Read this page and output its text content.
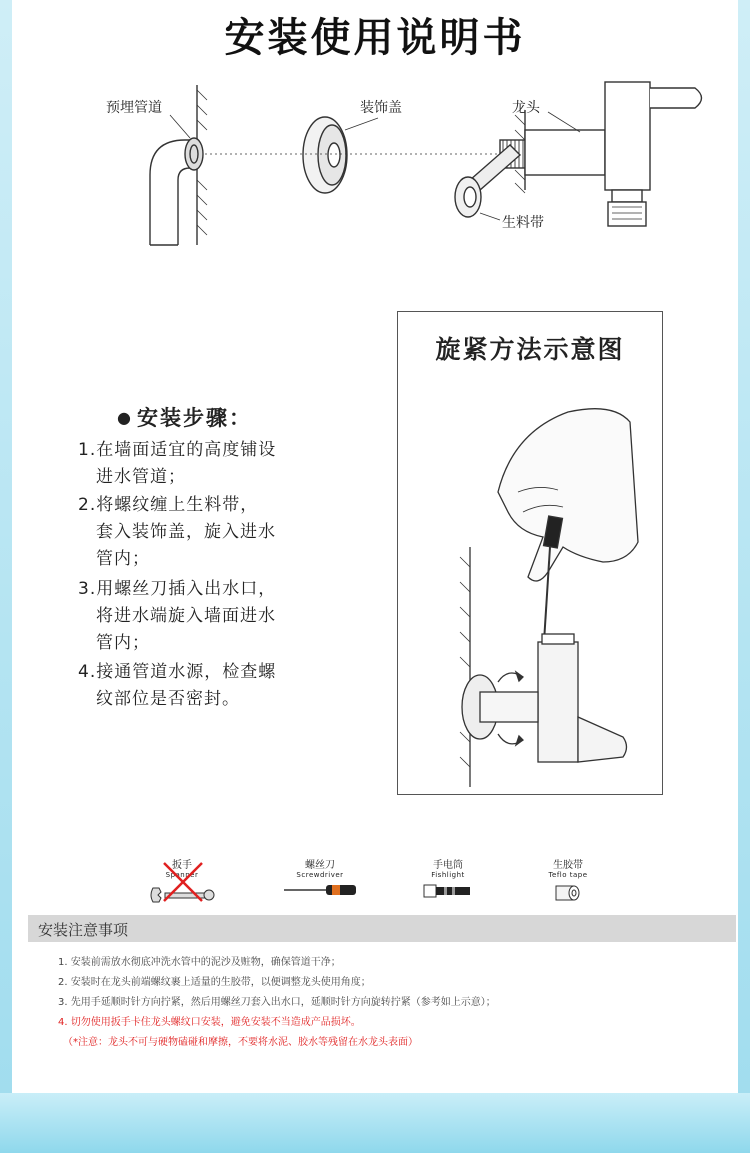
安装使用说明书
预埋管道	装饰盖	龙头
生料带
旋紧方法示意图
● 安装步骤：
1.在墙面适宜的高度铺设
进水管道；
2.将螺纹缠上生料带，
套入装饰盖，旋入进水
管内；
3.用螺丝刀插入出水口，
将进水端旋入墙面进水
管内；
4.接通管道水源，检查螺
纹部位是否密封。
扳手
Spanner
螺丝刀
Screwdriver
手电筒
Fishlight
生胶带
Teflo tape
安装注意事项
1. 安装前需放水彻底冲洗水管中的泥沙及赃物，确保管道干净；
2. 安装时在龙头前端螺纹裹上适量的生胶带，以便调整龙头使用角度；
3. 先用手延顺时针方向拧紧，然后用螺丝刀套入出水口，延顺时针方向旋转拧紧（参考如上示意）；
4. 切勿使用扳手卡住龙头螺纹口安装，避免安装不当造成产品损坏。
（*注意：龙头不可与硬物磕碰和摩擦，不要将水泥、胶水等残留在水龙头表面）
